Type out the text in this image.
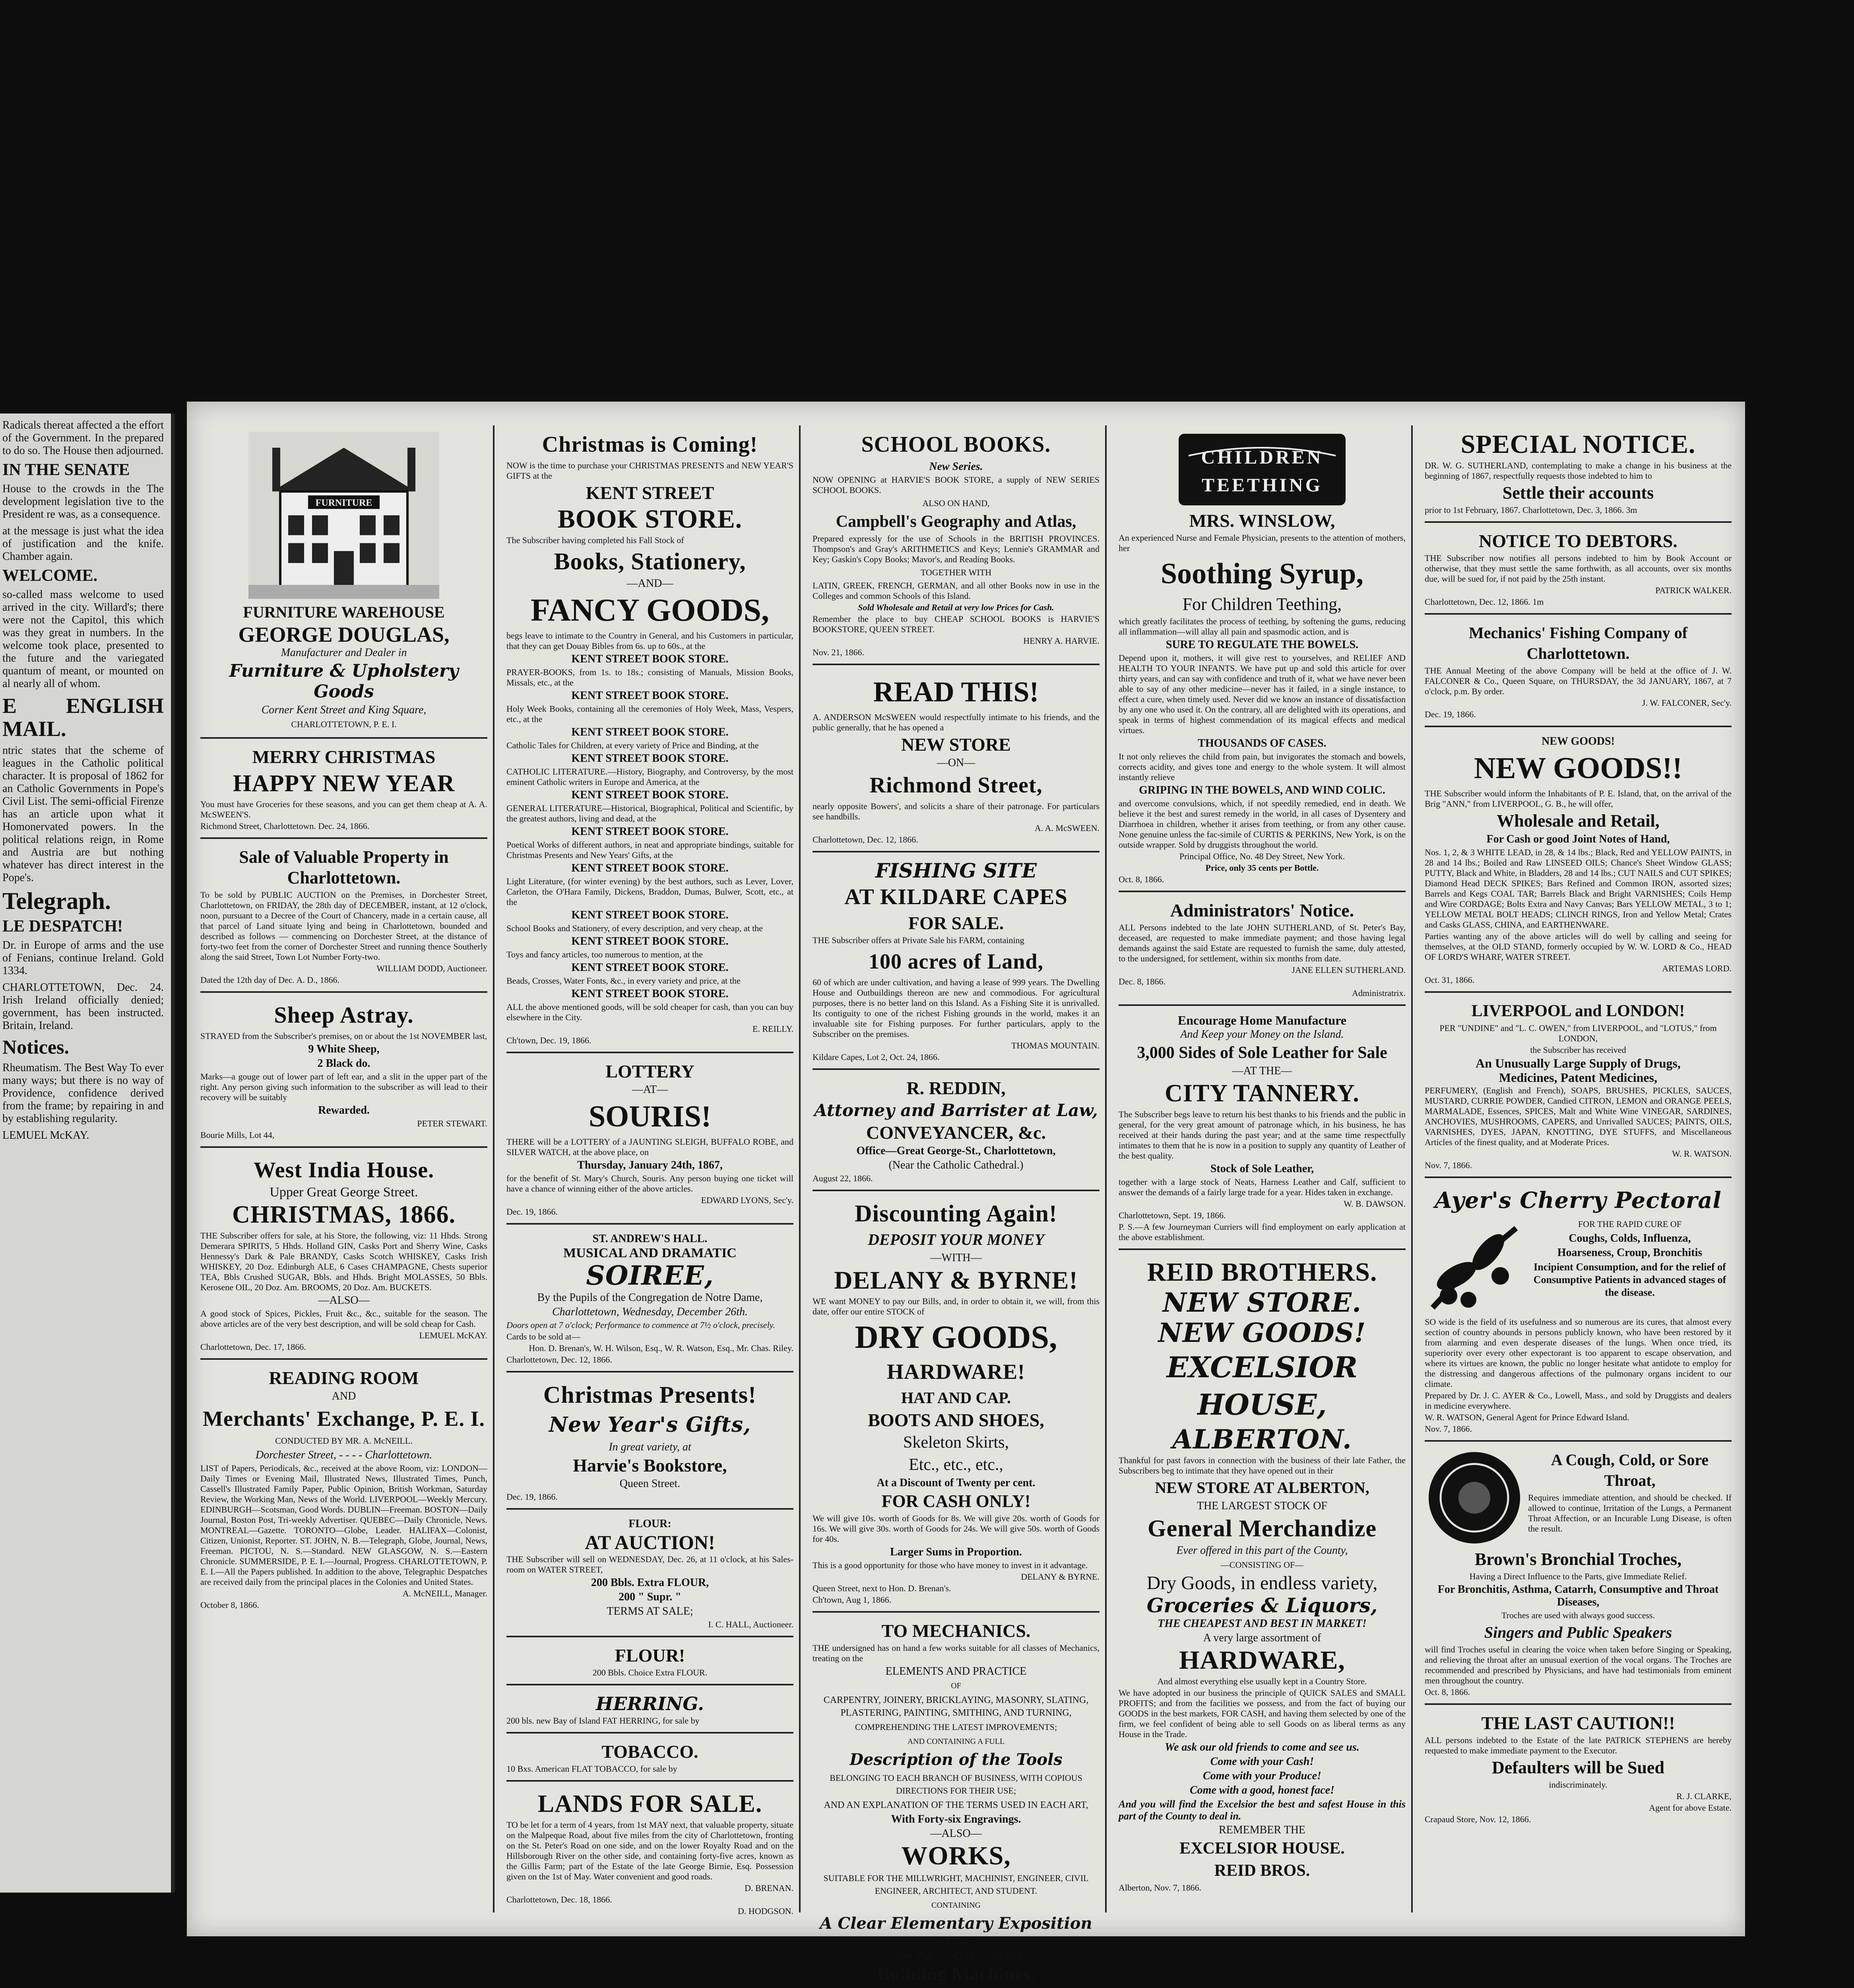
Radicals thereat affected a the effort of the Government. In the prepared to do so. The House then adjourned.

IN THE SENATE

House to the crowds in the The development legislation tive to the President re was, as a consequence.

at the message is just what the idea of justification and the knife. Chamber again.

WELCOME.

so-called mass welcome to used arrived in the city. Willard's; there were not the Capitol, this which was they great in numbers. In the welcome took place, presented to the future and the variegated quantum of meant, or mounted on al nearly all of whom.

E ENGLISH MAIL.

ntric states that the scheme of leagues in the Catholic political character. It is proposal of 1862 for an Catholic Governments in Pope's Civil List. The semi-official Firenze has an article upon what it Homonervated powers. In the political relations reign, in Rome and Austria are but nothing whatever has direct interest in the Pope's.

Telegraph.

LE DESPATCH!

Dr. in Europe of arms and the use of Fenians, continue Ireland. Gold 1334.

CHARLOTTETOWN, Dec. 24. Irish Ireland officially denied; government, has been instructed. Britain, Ireland.

Notices.

Rheumatism. The Best Way To ever many ways; but there is no way of Providence, confidence derived from the frame; by repairing in and by establishing regularity.

LEMUEL McKAY.

FURNITURE
FURNITURE WAREHOUSE
GEORGE DOUGLAS,
Manufacturer and Dealer in
Furniture & Upholstery Goods
Corner Kent Street and King Square,
CHARLOTTETOWN, P. E. I.
MERRY CHRISTMAS
HAPPY NEW YEAR

You must have Groceries for these seasons, and you can get them cheap at A. A. McSWEEN'S.

Richmond Street, Charlottetown. Dec. 24, 1866.

Sale of Valuable Property in Charlottetown.

To be sold by PUBLIC AUCTION on the Premises, in Dorchester Street, Charlottetown, on FRIDAY, the 28th day of DECEMBER, instant, at 12 o'clock, noon, pursuant to a Decree of the Court of Chancery, made in a certain cause, all that parcel of Land situate lying and being in Charlottetown, bounded and described as follows — commencing on Dorchester Street, at the distance of forty-two feet from the corner of Dorchester Street and running thence Southerly along the said Street, Town Lot Number Forty-two.

WILLIAM DODD, Auctioneer.

Dated the 12th day of Dec. A. D., 1866.

Sheep Astray.

STRAYED from the Subscriber's premises, on or about the 1st NOVEMBER last,

9 White Sheep,
2 Black do.

Marks—a gouge out of lower part of left ear, and a slit in the upper part of the right. Any person giving such information to the subscriber as will lead to their recovery will be suitably

Rewarded.

PETER STEWART.

Bourie Mills, Lot 44,

West India House.
Upper Great George Street.
CHRISTMAS, 1866.

THE Subscriber offers for sale, at his Store, the following, viz: 11 Hhds. Strong Demerara SPIRITS, 5 Hhds. Holland GIN, Casks Port and Sherry Wine, Casks Hennessy's Dark & Pale BRANDY, Casks Scotch WHISKEY, Casks Irish WHISKEY, 20 Doz. Edinburgh ALE, 6 Cases CHAMPAGNE, Chests superior TEA, Bbls Crushed SUGAR, Bbls. and Hhds. Bright MOLASSES, 50 Bbls. Kerosene OIL, 20 Doz. Am. BROOMS, 20 Doz. Am. BUCKETS.

—ALSO—

A good stock of Spices, Pickles, Fruit &c., &c., suitable for the season. The above articles are of the very best description, and will be sold cheap for Cash.

LEMUEL McKAY.

Charlottetown, Dec. 17, 1866.

READING ROOM
AND
Merchants' Exchange, P. E. I.
CONDUCTED BY MR. A. McNEILL.
Dorchester Street, - - - - Charlottetown.

LIST of Papers, Periodicals, &c., received at the above Room, viz: LONDON—Daily Times or Evening Mail, Illustrated News, Illustrated Times, Punch, Cassell's Illustrated Family Paper, Public Opinion, British Workman, Saturday Review, the Working Man, News of the World. LIVERPOOL—Weekly Mercury. EDINBURGH—Scotsman, Good Words. DUBLIN—Freeman. BOSTON—Daily Journal, Boston Post, Tri-weekly Advertiser. QUEBEC—Daily Chronicle, News. MONTREAL—Gazette. TORONTO—Globe, Leader. HALIFAX—Colonist, Citizen, Unionist, Reporter. ST. JOHN, N. B.—Telegraph, Globe, Journal, News, Freeman. PICTOU, N. S.—Standard. NEW GLASGOW, N. S.—Eastern Chronicle. SUMMERSIDE, P. E. I.—Journal, Progress. CHARLOTTETOWN, P. E. I.—All the Papers published. In addition to the above, Telegraphic Despatches are received daily from the principal places in the Colonies and United States.

A. McNEILL, Manager.

October 8, 1866.

Christmas is Coming!

NOW is the time to purchase your CHRISTMAS PRESENTS and NEW YEAR'S GIFTS at the

KENT STREET
BOOK STORE.

The Subscriber having completed his Fall Stock of

Books, Stationery,
—AND—
FANCY GOODS,

begs leave to intimate to the Country in General, and his Customers in particular, that they can get Douay Bibles from 6s. up to 60s., at the

KENT STREET BOOK STORE.

PRAYER-BOOKS, from 1s. to 18s.; consisting of Manuals, Mission Books, Missals, etc., at the

KENT STREET BOOK STORE.

Holy Week Books, containing all the ceremonies of Holy Week, Mass, Vespers, etc., at the

KENT STREET BOOK STORE.

Catholic Tales for Children, at every variety of Price and Binding, at the

KENT STREET BOOK STORE.

CATHOLIC LITERATURE.—History, Biography, and Controversy, by the most eminent Catholic writers in Europe and America, at the

KENT STREET BOOK STORE.

GENERAL LITERATURE—Historical, Biographical, Political and Scientific, by the greatest authors, living and dead, at the

KENT STREET BOOK STORE.

Poetical Works of different authors, in neat and appropriate bindings, suitable for Christmas Presents and New Years' Gifts, at the

KENT STREET BOOK STORE.

Light Literature, (for winter evening) by the best authors, such as Lever, Lover, Carleton, the O'Hara Family, Dickens, Braddon, Dumas, Bulwer, Scott, etc., at the

KENT STREET BOOK STORE.

School Books and Stationery, of every description, and very cheap, at the

KENT STREET BOOK STORE.

Toys and fancy articles, too numerous to mention, at the

KENT STREET BOOK STORE.

Beads, Crosses, Water Fonts, &c., in every variety and price, at the

KENT STREET BOOK STORE.

ALL the above mentioned goods, will be sold cheaper for cash, than you can buy elsewhere in the City.

E. REILLY.

Ch'town, Dec. 19, 1866.

LOTTERY
—AT—
SOURIS!

THERE will be a LOTTERY of a JAUNTING SLEIGH, BUFFALO ROBE, and SILVER WATCH, at the above place, on

Thursday, January 24th, 1867,

for the benefit of St. Mary's Church, Souris. Any person buying one ticket will have a chance of winning either of the above articles.

EDWARD LYONS, Sec'y.

Dec. 19, 1866.

ST. ANDREW'S HALL.
MUSICAL AND DRAMATIC
SOIREE,
By the Pupils of the Congregation de Notre Dame,
Charlottetown, Wednesday, December 26th.

Doors open at 7 o'clock; Performance to commence at 7½ o'clock, precisely.

Cards to be sold at—

Hon. D. Brenan's, W. H. Wilson, Esq., W. R. Watson, Esq., Mr. Chas. Riley.

Charlottetown, Dec. 12, 1866.

Christmas Presents!
New Year's Gifts,
In great variety, at
Harvie's Bookstore,
Queen Street.

Dec. 19, 1866.

FLOUR:
AT AUCTION!

THE Subscriber will sell on WEDNESDAY, Dec. 26, at 11 o'clock, at his Sales-room on WATER STREET,

200 Bbls. Extra FLOUR,
200 " Supr. "
TERMS AT SALE;

I. C. HALL, Auctioneer.

FLOUR!

200 Bbls. Choice Extra FLOUR.

HERRING.

200 bls. new Bay of Island FAT HERRING, for sale by

TOBACCO.

10 Bxs. American FLAT TOBACCO, for sale by

LANDS FOR SALE.

TO be let for a term of 4 years, from 1st MAY next, that valuable property, situate on the Malpeque Road, about five miles from the city of Charlottetown, fronting on the St. Peter's Road on one side, and on the lower Royalty Road and on the Hillsborough River on the other side, and containing forty-five acres, known as the Gillis Farm; part of the Estate of the late George Birnie, Esq. Possession given on the 1st of May. Water convenient and good roads.

D. BRENAN.

Charlottetown, Dec. 18, 1866.

D. HODGSON.

SCHOOL BOOKS.
New Series.

NOW OPENING at HARVIE'S BOOK STORE, a supply of NEW SERIES SCHOOL BOOKS.

ALSO ON HAND,
Campbell's Geography and Atlas,

Prepared expressly for the use of Schools in the BRITISH PROVINCES. Thompson's and Gray's ARITHMETICS and Keys; Lennie's GRAMMAR and Key; Gaskin's Copy Books; Mavor's, and Reading Books.

TOGETHER WITH

LATIN, GREEK, FRENCH, GERMAN, and all other Books now in use in the Colleges and common Schools of this Island.

Sold Wholesale and Retail at very low Prices for Cash.

Remember the place to buy CHEAP SCHOOL BOOKS is HARVIE'S BOOKSTORE, QUEEN STREET.

HENRY A. HARVIE.

Nov. 21, 1866.

READ THIS!

A. ANDERSON McSWEEN would respectfully intimate to his friends, and the public generally, that he has opened a

NEW STORE
—ON—
Richmond Street,

nearly opposite Bowers', and solicits a share of their patronage. For particulars see handbills.

A. A. McSWEEN.

Charlottetown, Dec. 12, 1866.

FISHING SITE
AT KILDARE CAPES
FOR SALE.

THE Subscriber offers at Private Sale his FARM, containing

100 acres of Land,

60 of which are under cultivation, and having a lease of 999 years. The Dwelling House and Outbuildings thereon are new and commodious. For agricultural purposes, there is no better land on this Island. As a Fishing Site it is unrivalled. Its contiguity to one of the richest Fishing grounds in the world, makes it an invaluable site for Fishing purposes. For further particulars, apply to the Subscriber on the premises.

THOMAS MOUNTAIN.

Kildare Capes, Lot 2, Oct. 24, 1866.

R. REDDIN,
Attorney and Barrister at Law,
CONVEYANCER, &c.
Office—Great George-St., Charlottetown,
(Near the Catholic Cathedral.)

August 22, 1866.

Discounting Again!
DEPOSIT YOUR MONEY
—WITH—
DELANY & BYRNE!

WE want MONEY to pay our Bills, and, in order to obtain it, we will, from this date, offer our entire STOCK of

DRY GOODS,
HARDWARE!
HAT AND CAP.
BOOTS AND SHOES,
Skeleton Skirts,
Etc., etc., etc.,
At a Discount of Twenty per cent.
FOR CASH ONLY!

We will give 10s. worth of Goods for 8s. We will give 20s. worth of Goods for 16s. We will give 30s. worth of Goods for 24s. We will give 50s. worth of Goods for 40s.

Larger Sums in Proportion.

This is a good opportunity for those who have money to invest in it advantage.

DELANY & BYRNE.

Queen Street, next to Hon. D. Brenan's.

Ch'town, Aug 1, 1866.

TO MECHANICS.

THE undersigned has on hand a few works suitable for all classes of Mechanics, treating on the

ELEMENTS AND PRACTICE
OF
CARPENTRY, JOINERY, BRICKLAYING, MASONRY, SLATING, PLASTERING, PAINTING, SMITHING, AND TURNING,
COMPREHENDING THE LATEST IMPROVEMENTS;
AND CONTAINING A FULL
Description of the Tools
BELONGING TO EACH BRANCH OF BUSINESS, WITH COPIOUS DIRECTIONS FOR THEIR USE;
AND AN EXPLANATION OF THE TERMS USED IN EACH ART,
With Forty-six Engravings.
—ALSO—
WORKS,
SUITABLE FOR THE MILLWRIGHT, MACHINIST, ENGINEER, CIVIL ENGINEER, ARCHITECT, AND STUDENT.
CONTAINING
A Clear Elementary Exposition
OF THE
PRINCIPLES AND PRACTICE OF
Building Machines.

CHILDREN
TEETHING
MRS. WINSLOW,

An experienced Nurse and Female Physician, presents to the attention of mothers, her

Soothing Syrup,
For Children Teething,

which greatly facilitates the process of teething, by softening the gums, reducing all inflammation—will allay all pain and spasmodic action, and is

SURE TO REGULATE THE BOWELS.

Depend upon it, mothers, it will give rest to yourselves, and RELIEF AND HEALTH TO YOUR INFANTS. We have put up and sold this article for over thirty years, and can say with confidence and truth of it, what we have never been able to say of any other medicine—never has it failed, in a single instance, to effect a cure, when timely used. Never did we know an instance of dissatisfaction by any one who used it. On the contrary, all are delighted with its operations, and speak in terms of highest commendation of its magical effects and medical virtues.

THOUSANDS OF CASES.

It not only relieves the child from pain, but invigorates the stomach and bowels, corrects acidity, and gives tone and energy to the whole system. It will almost instantly relieve

GRIPING IN THE BOWELS, AND WIND COLIC.

and overcome convulsions, which, if not speedily remedied, end in death. We believe it the best and surest remedy in the world, in all cases of Dysentery and Diarrhoea in children, whether it arises from teething, or from any other cause. None genuine unless the fac-simile of CURTIS & PERKINS, New York, is on the outside wrapper. Sold by druggists throughout the world.

Principal Office, No. 48 Dey Street, New York.

Price, only 35 cents per Bottle.

Oct. 8, 1866.

Administrators' Notice.

ALL Persons indebted to the late JOHN SUTHERLAND, of St. Peter's Bay, deceased, are requested to make immediate payment; and those having legal demands against the said Estate are requested to furnish the same, duly attested, to the undersigned, for settlement, within six months from date.

JANE ELLEN SUTHERLAND.

Dec. 8, 1866.

Administratrix.

Encourage Home Manufacture
And Keep your Money on the Island.
3,000 Sides of Sole Leather for Sale
—AT THE—
CITY TANNERY.

The Subscriber begs leave to return his best thanks to his friends and the public in general, for the very great amount of patronage which, in his business, he has received at their hands during the past year; and at the same time respectfully intimates to them that he is now in a position to supply any quantity of Leather of the best quality.

Stock of Sole Leather,

together with a large stock of Neats, Harness Leather and Calf, sufficient to answer the demands of a fairly large trade for a year. Hides taken in exchange.

W. B. DAWSON.

Charlottetown, Sept. 19, 1866.

P. S.—A few Journeyman Curriers will find employment on early application at the above establishment.

REID BROTHERS.
NEW STORE.
NEW GOODS!
EXCELSIOR HOUSE,
ALBERTON.

Thankful for past favors in connection with the business of their late Father, the Subscribers beg to intimate that they have opened out in their

NEW STORE AT ALBERTON,
THE LARGEST STOCK OF
General Merchandize
Ever offered in this part of the County,
—CONSISTING OF—
Dry Goods, in endless variety,
Groceries & Liquors,
THE CHEAPEST AND BEST IN MARKET!
A very large assortment of
HARDWARE,

And almost everything else usually kept in a Country Store.

We have adopted in our business the principle of QUICK SALES and SMALL PROFITS; and from the facilities we possess, and from the fact of buying our GOODS in the best markets, FOR CASH, and having them selected by one of the firm, we feel confident of being able to sell Goods on as liberal terms as any House in the Trade.

We ask our old friends to come and see us.
Come with your Cash!
Come with your Produce!
Come with a good, honest face!

And you will find the Excelsior the best and safest House in this part of the County to deal in.

REMEMBER THE
EXCELSIOR HOUSE.
REID BROS.

Alberton, Nov. 7, 1866.

SPECIAL NOTICE.

DR. W. G. SUTHERLAND, contemplating to make a change in his business at the beginning of 1867, respectfully requests those indebted to him to

Settle their accounts

prior to 1st February, 1867. Charlottetown, Dec. 3, 1866. 3m

NOTICE TO DEBTORS.

THE Subscriber now notifies all persons indebted to him by Book Account or otherwise, that they must settle the same forthwith, as all accounts, over six months due, will be sued for, if not paid by the 25th instant.

PATRICK WALKER.

Charlottetown, Dec. 12, 1866. 1m

Mechanics' Fishing Company of Charlottetown.

THE Annual Meeting of the above Company will be held at the office of J. W. FALCONER & Co., Queen Square, on THURSDAY, the 3d JANUARY, 1867, at 7 o'clock, p.m. By order.

J. W. FALCONER, Sec'y.

Dec. 19, 1866.

NEW GOODS!
NEW GOODS!!

THE Subscriber would inform the Inhabitants of P. E. Island, that, on the arrival of the Brig "ANN," from LIVERPOOL, G. B., he will offer,

Wholesale and Retail,
For Cash or good Joint Notes of Hand,

Nos. 1, 2, & 3 WHITE LEAD, in 28, & 14 lbs.; Black, Red and YELLOW PAINTS, in 28 and 14 lbs.; Boiled and Raw LINSEED OILS; Chance's Sheet Window GLASS; PUTTY, Black and White, in Bladders, 28 and 14 lbs.; CUT NAILS and CUT SPIKES; Diamond Head DECK SPIKES; Bars Refined and Common IRON, assorted sizes; Barrels and Kegs COAL TAR; Barrels Black and Bright VARNISHES; Coils Hemp and Wire CORDAGE; Bolts Extra and Navy Canvas; Bars YELLOW METAL, 3 to 1; YELLOW METAL BOLT HEADS; CLINCH RINGS, Iron and Yellow Metal; Crates and Casks GLASS, CHINA, and EARTHENWARE.

Parties wanting any of the above articles will do well by calling and seeing for themselves, at the OLD STAND, formerly occupied by W. W. LORD & Co., HEAD OF LORD'S WHARF, WATER STREET.

ARTEMAS LORD.

Oct. 31, 1866.

LIVERPOOL and LONDON!

PER "UNDINE" and "L. C. OWEN," from LIVERPOOL, and "LOTUS," from LONDON,

the Subscriber has received

An Unusually Large Supply of Drugs,
Medicines, Patent Medicines,

PERFUMERY, (English and French), SOAPS, BRUSHES, PICKLES, SAUCES, MUSTARD, CURRIE POWDER, Candied CITRON, LEMON and ORANGE PEELS, MARMALADE, Essences, SPICES, Malt and White Wine VINEGAR, SARDINES, ANCHOVIES, MUSHROOMS, CAPERS, and Unrivalled SAUCES; PAINTS, OILS, VARNISHES, DYES, JAPAN, KNOTTING, DYE STUFFS, and Miscellaneous Articles of the finest quality, and at Moderate Prices.

W. R. WATSON.

Nov. 7, 1866.

Ayer's Cherry Pectoral
FOR THE RAPID CURE OF
Coughs, Colds, Influenza,
Hoarseness, Croup, Bronchitis
Incipient Consumption, and for the relief of Consumptive Patients in advanced stages of the disease.

SO wide is the field of its usefulness and so numerous are its cures, that almost every section of country abounds in persons publicly known, who have been restored by it from alarming and even desperate diseases of the lungs. When once tried, its superiority over every other expectorant is too apparent to escape observation, and where its virtues are known, the public no longer hesitate what antidote to employ for the distressing and dangerous affections of the pulmonary organs incident to our climate.

Prepared by Dr. J. C. AYER & Co., Lowell, Mass., and sold by Druggists and dealers in medicine everywhere.

W. R. WATSON, General Agent for Prince Edward Island.

Nov. 7, 1866.

A Cough, Cold, or Sore Throat,

Requires immediate attention, and should be checked. If allowed to continue, Irritation of the Lungs, a Permanent Throat Affection, or an Incurable Lung Disease, is often the result.

Brown's Bronchial Troches,

Having a Direct Influence to the Parts, give Immediate Relief.

For Bronchitis, Asthma, Catarrh, Consumptive and Throat Diseases,

Troches are used with always good success.

Singers and Public Speakers

will find Troches useful in clearing the voice when taken before Singing or Speaking, and relieving the throat after an unusual exertion of the vocal organs. The Troches are recommended and prescribed by Physicians, and have had testimonials from eminent men throughout the country.

Oct. 8, 1866.

THE LAST CAUTION!!

ALL persons indebted to the Estate of the late PATRICK STEPHENS are hereby requested to make immediate payment to the Executor.

Defaulters will be Sued

indiscriminately.

R. J. CLARKE,

Agent for above Estate.

Crapaud Store, Nov. 12, 1866.
